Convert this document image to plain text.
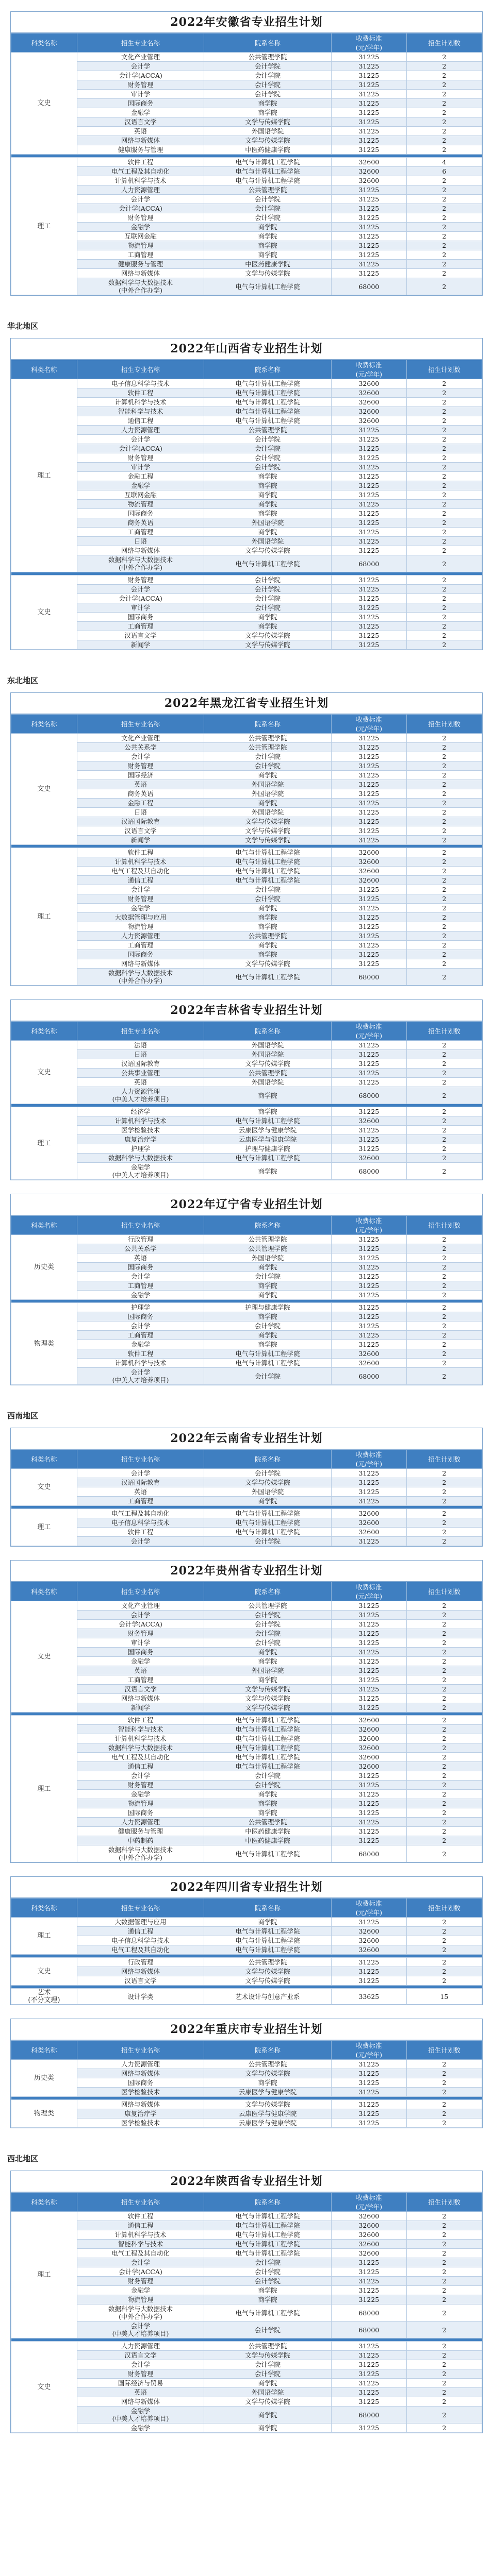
2022年安徽省专业招生计划
科类名称	招生专业名称	院系名称	收费标准
(元/学年)	招生计划数
文史	文化产业管理	公共管理学院	31225	2
	会计学	会计学院	31225	2
	会计学(ACCA)	会计学院	31225	2
	财务管理	会计学院	31225	2
	审计学	会计学院	31225	2
	国际商务	商学院	31225	2
	金融学	商学院	31225	2
	汉语言文学	文学与传媒学院	31225	2
	英语	外国语学院	31225	2
	网络与新媒体	文学与传媒学院	31225	2
	健康服务与管理	中医药健康学院	31225	2

理工	软件工程	电气与计算机工程学院	32600	4
	电气工程及其自动化	电气与计算机工程学院	32600	6
	计算机科学与技术	电气与计算机工程学院	32600	2
	人力资源管理	公共管理学院	31225	2
	会计学	会计学院	31225	2
	会计学(ACCA)	会计学院	31225	2
	财务管理	会计学院	31225	2
	金融学	商学院	31225	2
	互联网金融	商学院	31225	2
	物流管理	商学院	31225	2
	工商管理	商学院	31225	2
	健康服务与管理	中医药健康学院	31225	2
	网络与新媒体	文学与传媒学院	31225	2
	数据科学与大数据技术
(中外合作办学)	电气与计算机工程学院	68000	2
华北地区
2022年山西省专业招生计划
科类名称	招生专业名称	院系名称	收费标准
(元/学年)	招生计划数
理工	电子信息科学与技术	电气与计算机工程学院	32600	2
	软件工程	电气与计算机工程学院	32600	2
	计算机科学与技术	电气与计算机工程学院	32600	2
	智能科学与技术	电气与计算机工程学院	32600	2
	通信工程	电气与计算机工程学院	32600	2
	人力资源管理	公共管理学院	31225	2
	会计学	会计学院	31225	2
	会计学(ACCA)	会计学院	31225	2
	财务管理	会计学院	31225	2
	审计学	会计学院	31225	2
	金融工程	商学院	31225	2
	金融学	商学院	31225	2
	互联网金融	商学院	31225	2
	物流管理	商学院	31225	2
	国际商务	商学院	31225	2
	商务英语	外国语学院	31225	2
	工商管理	商学院	31225	2
	日语	外国语学院	31225	2
	网络与新媒体	文学与传媒学院	31225	2
	数据科学与大数据技术
(中外合作办学)	电气与计算机工程学院	68000	2

文史	财务管理	会计学院	31225	2
	会计学	会计学院	31225	2
	会计学(ACCA)	会计学院	31225	2
	审计学	会计学院	31225	2
	国际商务	商学院	31225	2
	工商管理	商学院	31225	2
	汉语言文学	文学与传媒学院	31225	2
	新闻学	文学与传媒学院	31225	2
东北地区
2022年黑龙江省专业招生计划
科类名称	招生专业名称	院系名称	收费标准
(元/学年)	招生计划数
文史	文化产业管理	公共管理学院	31225	2
	公共关系学	公共管理学院	31225	2
	会计学	会计学院	31225	2
	财务管理	会计学院	31225	2
	国际经济	商学院	31225	2
	英语	外国语学院	31225	2
	商务英语	外国语学院	31225	2
	金融工程	商学院	31225	2
	日语	外国语学院	31225	2
	汉语国际教育	文学与传媒学院	31225	2
	汉语言文学	文学与传媒学院	31225	2
	新闻学	文学与传媒学院	31225	2

理工	软件工程	电气与计算机工程学院	32600	2
	计算机科学与技术	电气与计算机工程学院	32600	2
	电气工程及其自动化	电气与计算机工程学院	32600	2
	通信工程	电气与计算机工程学院	32600	2
	会计学	会计学院	31225	2
	财务管理	会计学院	31225	2
	金融学	商学院	31225	2
	大数据管理与应用	商学院	31225	2
	物流管理	商学院	31225	2
	人力资源管理	公共管理学院	31225	2
	工商管理	商学院	31225	2
	国际商务	商学院	31225	2
	网络与新媒体	文学与传媒学院	31225	2
	数据科学与大数据技术
(中外合作办学)	电气与计算机工程学院	68000	2
2022年吉林省专业招生计划
科类名称	招生专业名称	院系名称	收费标准
(元/学年)	招生计划数
文史	法语	外国语学院	31225	2
	日语	外国语学院	31225	2
	汉语国际教育	文学与传媒学院	31225	2
	公共事业管理	公共管理学院	31225	2
	英语	外国语学院	31225	2
	人力资源管理
(中美人才培养项目)	商学院	68000	2

理工	经济学	商学院	31225	2
	计算机科学与技术	电气与计算机工程学院	32600	2
	医学检验技术	云康医学与健康学院	31225	2
	康复治疗学	云康医学与健康学院	31225	2
	护理学	护理与健康学院	31225	2
	数据科学与大数据技术	电气与计算机工程学院	32600	2
	金融学
(中美人才培养项目)	商学院	68000	2
2022年辽宁省专业招生计划
科类名称	招生专业名称	院系名称	收费标准
(元/学年)	招生计划数
历史类	行政管理	公共管理学院	31225	2
	公共关系学	公共管理学院	31225	2
	英语	外国语学院	31225	2
	国际商务	商学院	31225	2
	会计学	会计学院	31225	2
	工商管理	商学院	31225	2
	金融学	商学院	31225	2

物理类	护理学	护理与健康学院	31225	2
	国际商务	商学院	31225	2
	会计学	会计学院	31225	2
	工商管理	商学院	31225	2
	金融学	商学院	31225	2
	软件工程	电气与计算机工程学院	32600	2
	计算机科学与技术	电气与计算机工程学院	32600	2
	会计学
(中美人才培养项目)	会计学院	68000	2
西南地区
2022年云南省专业招生计划
科类名称	招生专业名称	院系名称	收费标准
(元/学年)	招生计划数
文史	会计学	会计学院	31225	2
	汉语国际教育	文学与传媒学院	31225	2
	英语	外国语学院	31225	2
	工商管理	商学院	31225	2

理工	电气工程及其自动化	电气与计算机工程学院	32600	2
	电子信息科学与技术	电气与计算机工程学院	32600	2
	软件工程	电气与计算机工程学院	32600	2
	会计学	会计学院	31225	2
2022年贵州省专业招生计划
科类名称	招生专业名称	院系名称	收费标准
(元/学年)	招生计划数
文史	文化产业管理	公共管理学院	31225	2
	会计学	会计学院	31225	2
	会计学(ACCA)	会计学院	31225	2
	财务管理	会计学院	31225	2
	审计学	会计学院	31225	2
	国际商务	商学院	31225	2
	金融学	商学院	31225	2
	英语	外国语学院	31225	2
	工商管理	商学院	31225	2
	汉语言文学	文学与传媒学院	31225	2
	网络与新媒体	文学与传媒学院	31225	2
	新闻学	文学与传媒学院	31225	2

理工	软件工程	电气与计算机工程学院	32600	2
	智能科学与技术	电气与计算机工程学院	32600	2
	计算机科学与技术	电气与计算机工程学院	32600	2
	数据科学与大数据技术	电气与计算机工程学院	32600	2
	电气工程及其自动化	电气与计算机工程学院	32600	2
	通信工程	电气与计算机工程学院	32600	2
	会计学	会计学院	31225	2
	财务管理	会计学院	31225	2
	金融学	商学院	31225	2
	物流管理	商学院	31225	2
	国际商务	商学院	31225	2
	人力资源管理	公共管理学院	31225	2
	健康服务与管理	中医药健康学院	31225	2
	中药制药	中医药健康学院	31225	2
	数据科学与大数据技术
(中外合作办学)	电气与计算机工程学院	68000	2
2022年四川省专业招生计划
科类名称	招生专业名称	院系名称	收费标准
(元/学年)	招生计划数
理工	大数据管理与应用	商学院	31225	2
	通信工程	电气与计算机工程学院	32600	2
	电子信息科学与技术	电气与计算机工程学院	32600	2
	电气工程及其自动化	电气与计算机工程学院	32600	2

文史	行政管理	公共管理学院	31225	2
	网络与新媒体	文学与传媒学院	31225	2
	汉语言文学	文学与传媒学院	31225	2

艺术
(不分文理)	设计学类	艺术设计与创意产业系	33625	15
2022年重庆市专业招生计划
科类名称	招生专业名称	院系名称	收费标准
(元/学年)	招生计划数
历史类	人力资源管理	公共管理学院	31225	2
	网络与新媒体	文学与传媒学院	31225	2
	国际商务	商学院	31225	2
	医学检验技术	云康医学与健康学院	31225	2

物理类	网络与新媒体	文学与传媒学院	31225	2
	康复治疗学	云康医学与健康学院	31225	2
	医学检验技术	云康医学与健康学院	31225	2
西北地区
2022年陕西省专业招生计划
科类名称	招生专业名称	院系名称	收费标准
(元/学年)	招生计划数
理工	软件工程	电气与计算机工程学院	32600	2
	通信工程	电气与计算机工程学院	32600	2
	计算机科学与技术	电气与计算机工程学院	32600	2
	智能科学与技术	电气与计算机工程学院	32600	2
	电气工程及其自动化	电气与计算机工程学院	32600	2
	会计学	会计学院	31225	2
	会计学(ACCA)	会计学院	31225	2
	财务管理	会计学院	31225	2
	金融学	商学院	31225	2
	物流管理	商学院	31225	2
	数据科学与大数据技术
(中外合作办学)	电气与计算机工程学院	68000	2
	会计学
(中美人才培养项目)	会计学院	68000	2

文史	人力资源管理	公共管理学院	31225	2
	汉语言文学	文学与传媒学院	31225	2
	会计学	会计学院	31225	2
	财务管理	会计学院	31225	2
	国际经济与贸易	商学院	31225	2
	英语	外国语学院	31225	2
	网络与新媒体	文学与传媒学院	31225	2
	金融学
(中美人才培养项目)	商学院	68000	2
	金融学	商学院	31225	2
